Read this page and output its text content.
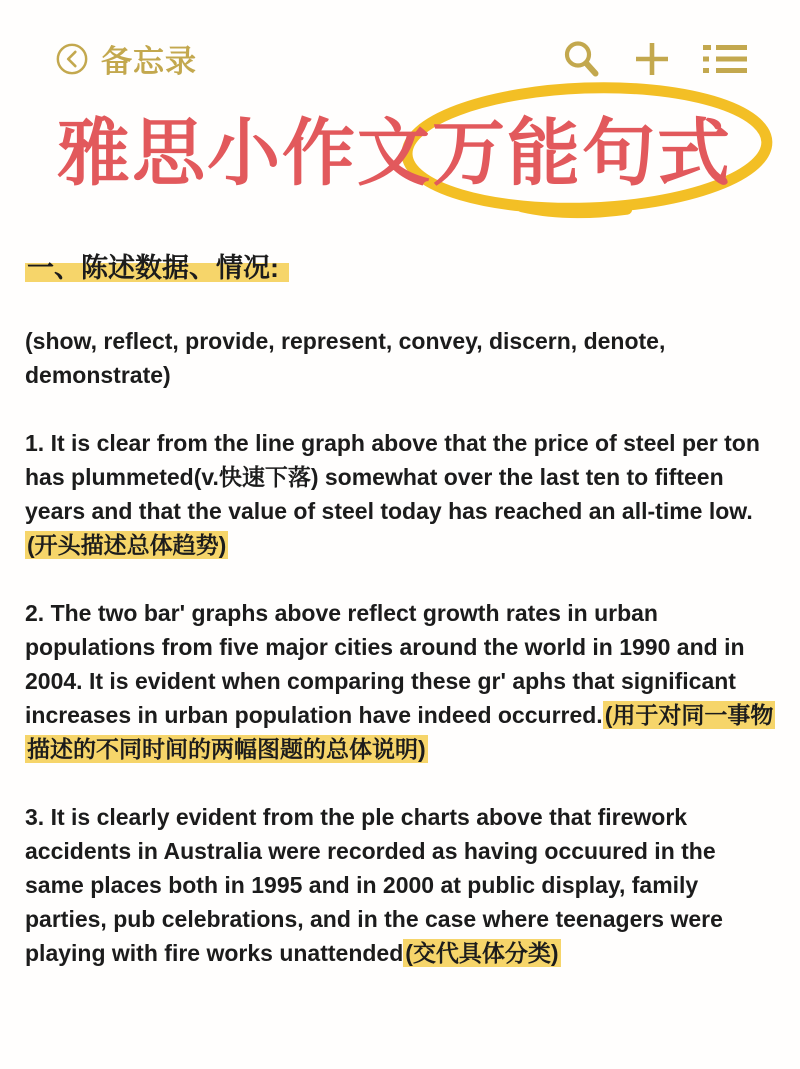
备忘录
雅思小作文
万能句式
一、陈述数据、情况:

(show, reflect, provide, represent, convey, discern, denote, demonstrate)

1. It is clear from the line graph above that the price of steel per ton has plummeted(v.快速下落) somewhat over the last ten to fifteen years and that the value of steel today has reached an all-time low. (开头描述总体趋势)

2. The two bar' graphs above reflect growth rates in urban populations from five major cities around the world in 1990 and in 2004. It is evident when comparing these gr' aphs that significant increases in urban population have indeed occurred.(用于对同一事物描述的不同时间的两幅图题的总体说明)

3. It is clearly evident from the ple charts above that firework accidents in Australia were recorded as having occuured in the same places both in 1995 and in 2000 at public display, family parties, pub celebrations, and in the case where teenagers were playing with fire works unattended(交代具体分类)
